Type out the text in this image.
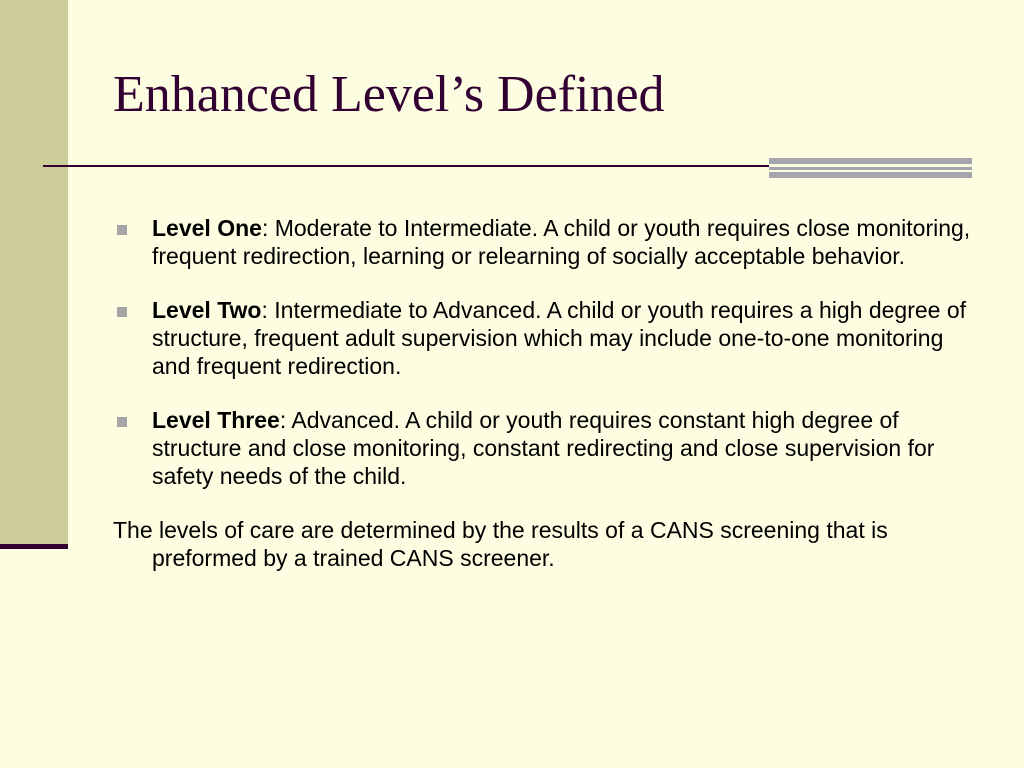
Enhanced Level’s Defined
Level One: Moderate to Intermediate. A child or youth requires close monitoring, frequent redirection, learning or relearning of socially acceptable behavior.
Level Two: Intermediate to Advanced. A child or youth requires a high degree of structure, frequent adult supervision which may include one-to-one monitoring and frequent redirection.
Level Three: Advanced. A child or youth requires constant high degree of structure and close monitoring, constant redirecting and close supervision for safety needs of the child.
The levels of care are determined by the results of a CANS screening that is preformed by a trained CANS screener.
